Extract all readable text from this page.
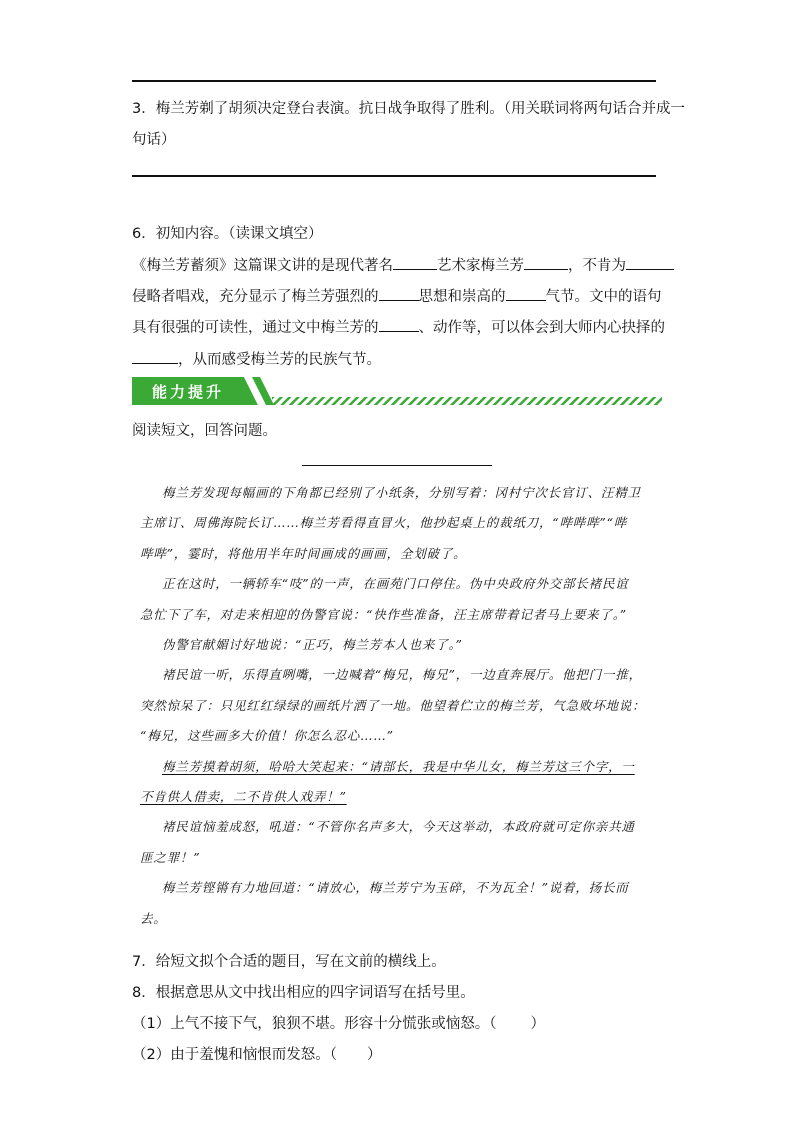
3．梅兰芳剃了胡须决定登台表演。抗日战争取得了胜利。（用关联词将两句话合并成一
句话）
6．初知内容。（读课文填空）
《梅兰芳蓄须》这篇课文讲的是现代著名	艺术家梅兰芳	，不肯为
侵略者唱戏，充分显示了梅兰芳强烈的	思想和崇高的	气节。文中的语句
具有很强的可读性，通过文中梅兰芳的	、动作等，可以体会到大师内心抉择的
，从而感受梅兰芳的民族气节。
能力提升
阅读短文，回答问题。
梅兰芳发现每幅画的下角都已经别了小纸条，分别写着：冈村宁次长官订、汪精卫
主席订、周佛海院长订……梅兰芳看得直冒火，他抄起桌上的裁纸刀，“哔哔哔”“哔
哔哔”，霎时，将他用半年时间画成的画画，全划破了。
正在这时，一辆轿车“吱”的一声，在画苑门口停住。伪中央政府外交部长褚民谊
急忙下了车，对走来相迎的伪警官说：“快作些准备，汪主席带着记者马上要来了。”
伪警官献媚讨好地说：“正巧，梅兰芳本人也来了。”
褚民谊一听，乐得直咧嘴，一边喊着“梅兄，梅兄”，一边直奔展厅。他把门一推，
突然惊呆了：只见红红绿绿的画纸片洒了一地。他望着伫立的梅兰芳，气急败坏地说：
“梅兄，这些画多大价值！你怎么忍心……”
梅兰芳摸着胡须，哈哈大笑起来：“请部长，我是中华儿女，梅兰芳这三个字，一
不肯供人借卖，二不肯供人戏弄！”
褚民谊恼羞成怒，吼道：“不管你名声多大，今天这举动，本政府就可定你亲共通
匪之罪！”
梅兰芳铿锵有力地回道：“请放心，梅兰芳宁为玉碎，不为瓦全！”说着，扬长而
去。
7．给短文拟个合适的题目，写在文前的横线上。
8．根据意思从文中找出相应的四字词语写在括号里。
（1）上气不接下气，狼狈不堪。形容十分慌张或恼怒。（ ）
（2）由于羞愧和恼恨而发怒。（ ）
